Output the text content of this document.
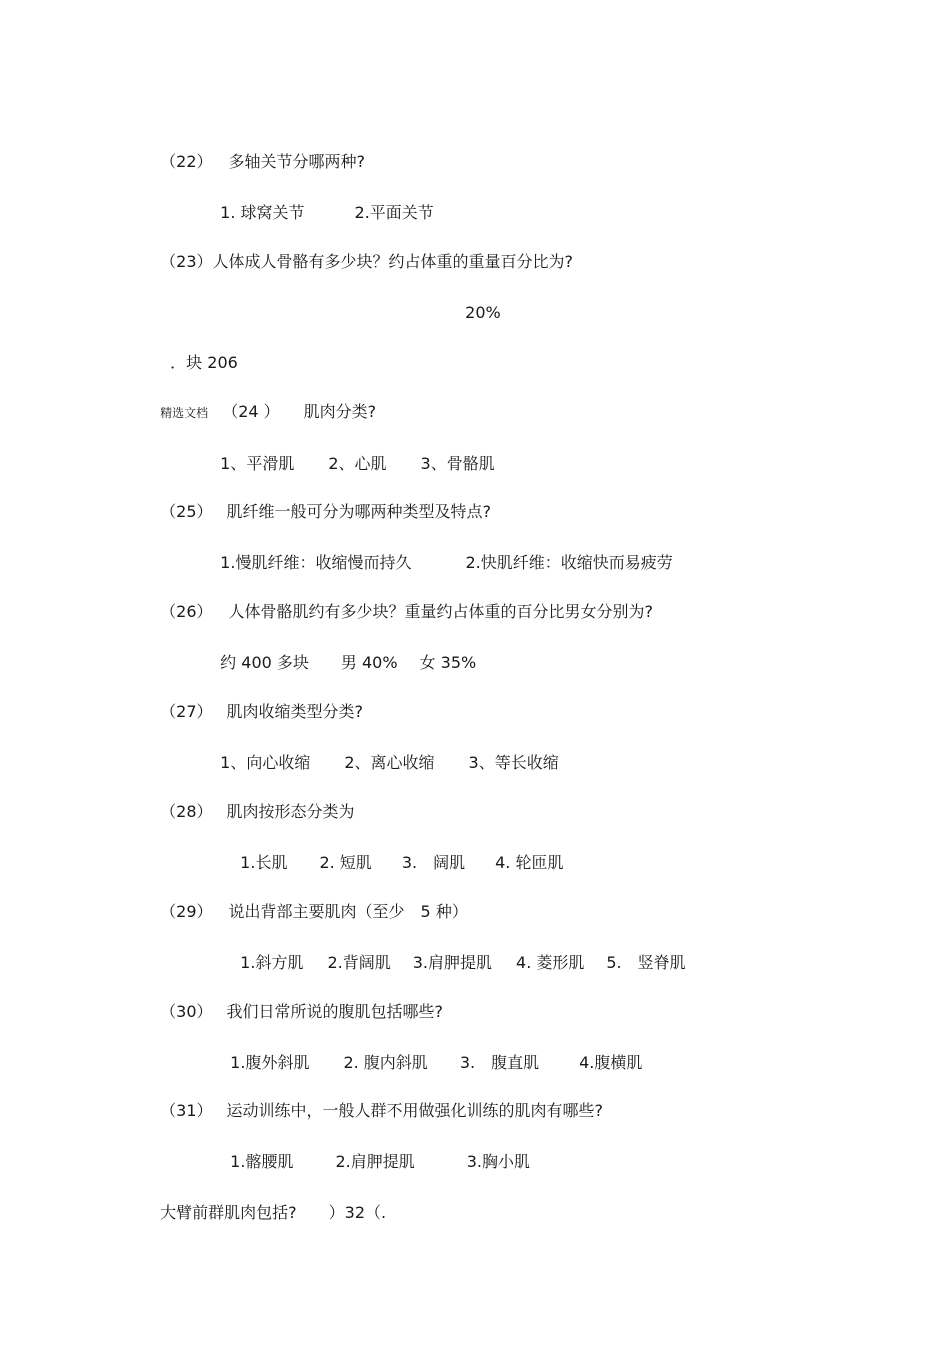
（22） 多轴关节分哪两种?

1. 球窝关节	2.平面关节

（23）人体成人骨骼有多少块？约占体重的重量百分比为?

20%

．块 206

精选文档 （24 ） 肌肉分类?

1、平滑肌 2、心肌 3、骨骼肌

（25） 肌纤维一般可分为哪两种类型及特点?

1.慢肌纤维：收缩慢而持久	2.快肌纤维：收缩快而易疲劳

（26） 人体骨骼肌约有多少块？重量约占体重的百分比男女分别为?

约 400 多块 男 40% 女 35%

（27） 肌肉收缩类型分类?

1、向心收缩 2、离心收缩 3、等长收缩

（28） 肌肉按形态分类为

1.长肌 2. 短肌 3.　阔肌 4. 轮匝肌

（29） 说出背部主要肌肉（至少　5 种）

1.斜方肌 2.背阔肌 3.肩胛提肌 4. 菱形肌 5.　竖脊肌

（30） 我们日常所说的腹肌包括哪些?

1.腹外斜肌 2. 腹内斜肌 3.　腹直肌	4.腹横肌

（31） 运动训练中，一般人群不用做强化训练的肌肉有哪些?

1.髂腰肌	2.肩胛提肌	3.胸小肌

大臂前群肌肉包括?　　）32（.
